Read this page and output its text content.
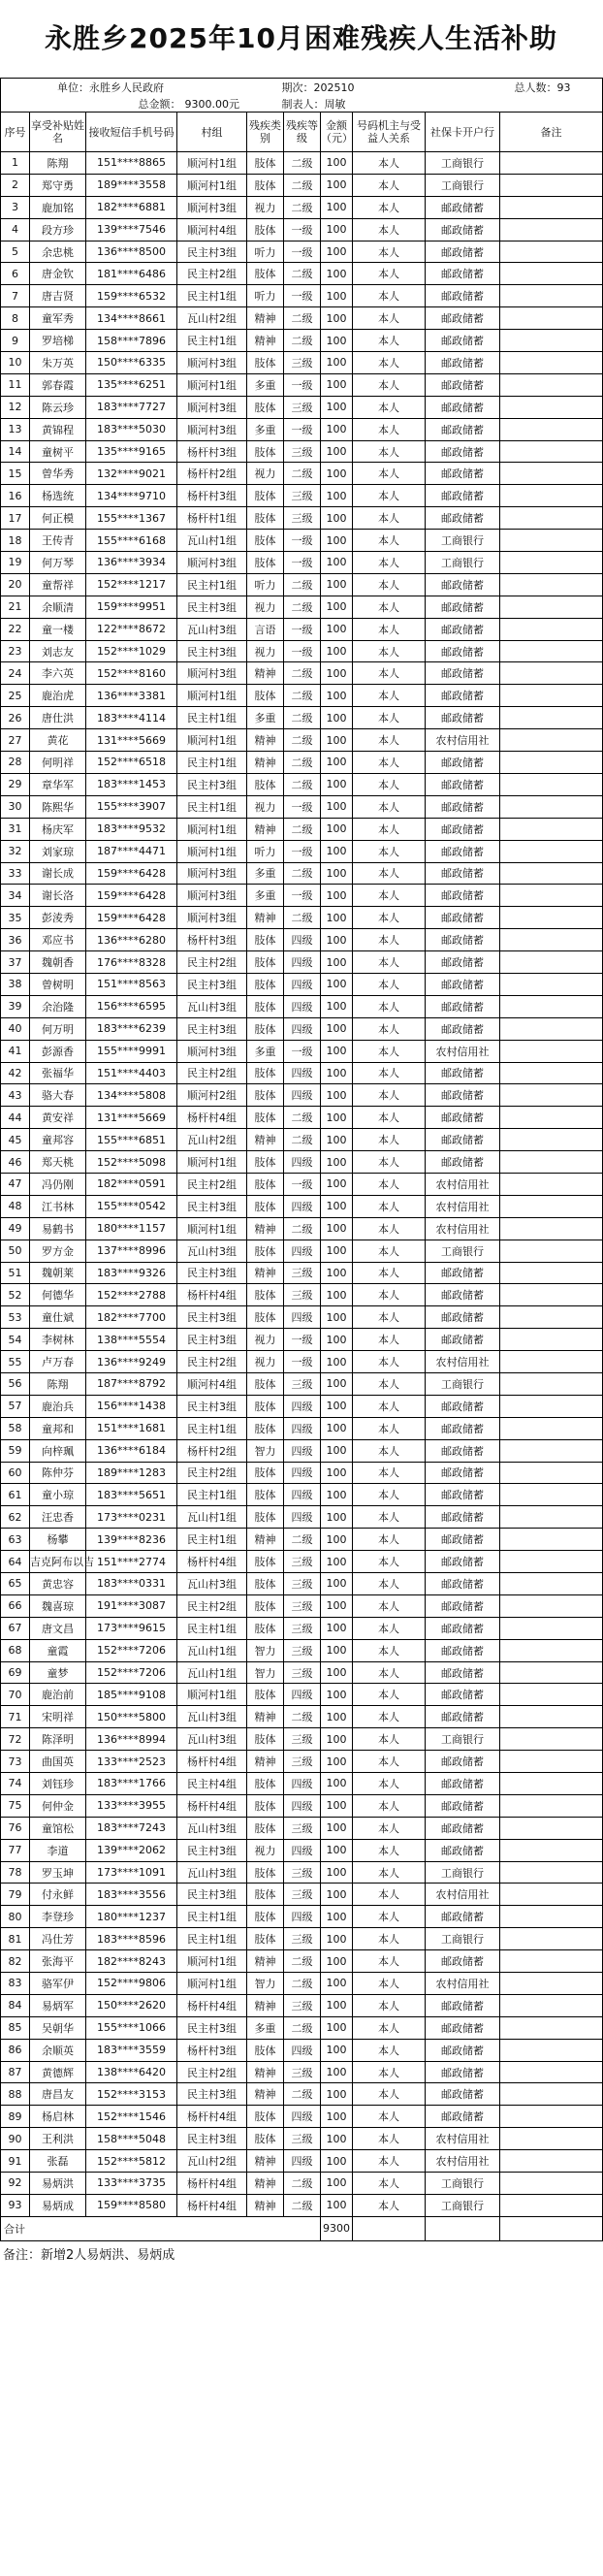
永胜乡2025年10月困难残疾人生活补助
单位：永胜乡人民政府		期次：202510		总人数：93
总金额：	9300.00元	制表人：周敏		
序号	享受补贴姓名	接收短信手机号码	村组	残疾类别	残疾等级	金额（元）	号码机主与受益人关系	社保卡开户行	备注
1	陈翔	151****8865	顺河村1组	肢体	二级	100	本人	工商银行	
2	郑守勇	189****3558	顺河村1组	肢体	二级	100	本人	工商银行	
3	鹿加铭	182****6881	顺河村3组	视力	二级	100	本人	邮政储蓄	
4	段方珍	139****7546	顺河村4组	肢体	一级	100	本人	邮政储蓄	
5	余忠桃	136****8500	民主村3组	听力	一级	100	本人	邮政储蓄	
6	唐金钦	181****6486	民主村2组	肢体	二级	100	本人	邮政储蓄	
7	唐吉贤	159****6532	民主村1组	听力	一级	100	本人	邮政储蓄	
8	童军秀	134****8661	瓦山村2组	精神	二级	100	本人	邮政储蓄	
9	罗培梯	158****7896	民主村1组	精神	二级	100	本人	邮政储蓄	
10	朱万英	150****6335	顺河村3组	肢体	三级	100	本人	邮政储蓄	
11	郭春霞	135****6251	顺河村1组	多重	一级	100	本人	邮政储蓄	
12	陈云珍	183****7727	顺河村3组	肢体	三级	100	本人	邮政储蓄	
13	黄锦程	183****5030	顺河村3组	多重	一级	100	本人	邮政储蓄	
14	童树平	135****9165	杨杆村3组	肢体	三级	100	本人	邮政储蓄	
15	曾华秀	132****9021	杨杆村2组	视力	二级	100	本人	邮政储蓄	
16	杨选统	134****9710	杨杆村3组	肢体	三级	100	本人	邮政储蓄	
17	何正模	155****1367	杨杆村1组	肢体	三级	100	本人	邮政储蓄	
18	王传青	155****6168	瓦山村1组	肢体	一级	100	本人	工商银行	
19	何万琴	136****3934	顺河村3组	肢体	一级	100	本人	工商银行	
20	童帮祥	152****1217	民主村1组	听力	二级	100	本人	邮政储蓄	
21	余顺清	159****9951	民主村3组	视力	二级	100	本人	邮政储蓄	
22	童一楼	122****8672	瓦山村3组	言语	一级	100	本人	邮政储蓄	
23	刘志友	152****1029	民主村3组	视力	一级	100	本人	邮政储蓄	
24	李六英	152****8160	顺河村3组	精神	二级	100	本人	邮政储蓄	
25	鹿治虎	136****3381	顺河村1组	肢体	二级	100	本人	邮政储蓄	
26	唐仕洪	183****4114	民主村1组	多重	二级	100	本人	邮政储蓄	
27	黄花	131****5669	顺河村1组	精神	二级	100	本人	农村信用社	
28	何明祥	152****6518	民主村1组	精神	二级	100	本人	邮政储蓄	
29	章华军	183****1453	民主村3组	肢体	二级	100	本人	邮政储蓄	
30	陈熙华	155****3907	民主村1组	视力	一级	100	本人	邮政储蓄	
31	杨庆军	183****9532	顺河村1组	精神	二级	100	本人	邮政储蓄	
32	刘家琼	187****4471	顺河村1组	听力	一级	100	本人	邮政储蓄	
33	谢长成	159****6428	顺河村3组	多重	二级	100	本人	邮政储蓄	
34	谢长洛	159****6428	顺河村3组	多重	一级	100	本人	邮政储蓄	
35	彭淩秀	159****6428	顺河村3组	精神	二级	100	本人	邮政储蓄	
36	邓应书	136****6280	杨杆村3组	肢体	四级	100	本人	邮政储蓄	
37	魏朝香	176****8328	民主村2组	肢体	四级	100	本人	邮政储蓄	
38	曾树明	151****8563	民主村3组	肢体	四级	100	本人	邮政储蓄	
39	余治隆	156****6595	瓦山村3组	肢体	四级	100	本人	邮政储蓄	
40	何万明	183****6239	民主村3组	肢体	四级	100	本人	邮政储蓄	
41	彭源香	155****9991	顺河村3组	多重	一级	100	本人	农村信用社	
42	张福华	151****4403	民主村2组	肢体	四级	100	本人	邮政储蓄	
43	骆大春	134****5808	顺河村2组	肢体	四级	100	本人	邮政储蓄	
44	黄安祥	131****5669	杨杆村4组	肢体	二级	100	本人	邮政储蓄	
45	童邦容	155****6851	瓦山村2组	精神	二级	100	本人	邮政储蓄	
46	郑天桃	152****5098	顺河村1组	肢体	四级	100	本人	邮政储蓄	
47	冯仍刚	182****0591	民主村2组	肢体	一级	100	本人	农村信用社	
48	江书林	155****0542	民主村3组	肢体	四级	100	本人	农村信用社	
49	易鹤书	180****1157	顺河村1组	精神	二级	100	本人	农村信用社	
50	罗方金	137****8996	瓦山村3组	肢体	四级	100	本人	工商银行	
51	魏朝莱	183****9326	民主村3组	精神	三级	100	本人	邮政储蓄	
52	何德华	152****2788	杨杆村4组	肢体	三级	100	本人	邮政储蓄	
53	童仕斌	182****7700	民主村3组	肢体	四级	100	本人	邮政储蓄	
54	李树林	138****5554	民主村3组	视力	一级	100	本人	邮政储蓄	
55	卢万春	136****9249	民主村2组	视力	一级	100	本人	农村信用社	
56	陈翔	187****8792	顺河村4组	肢体	三级	100	本人	工商银行	
57	鹿治兵	156****1438	民主村3组	肢体	四级	100	本人	邮政储蓄	
58	童邦和	151****1681	民主村1组	肢体	四级	100	本人	邮政储蓄	
59	向梓珮	136****6184	杨杆村2组	智力	四级	100	本人	邮政储蓄	
60	陈仲芬	189****1283	民主村2组	肢体	四级	100	本人	邮政储蓄	
61	童小琼	183****5651	民主村1组	肢体	四级	100	本人	邮政储蓄	
62	汪忠香	173****0231	瓦山村1组	肢体	四级	100	本人	邮政储蓄	
63	杨攀	139****8236	民主村1组	精神	二级	100	本人	邮政储蓄	
64	吉克阿布以吉	151****2774	杨杆村4组	肢体	三级	100	本人	邮政储蓄	
65	黄忠容	183****0331	瓦山村3组	肢体	三级	100	本人	邮政储蓄	
66	魏喜琼	191****3087	民主村2组	肢体	三级	100	本人	邮政储蓄	
67	唐文昌	173****9615	民主村1组	肢体	三级	100	本人	邮政储蓄	
68	童霞	152****7206	瓦山村1组	智力	三级	100	本人	邮政储蓄	
69	童梦	152****7206	瓦山村1组	智力	三级	100	本人	邮政储蓄	
70	鹿治前	185****9108	顺河村1组	肢体	四级	100	本人	邮政储蓄	
71	宋明祥	150****5800	瓦山村3组	精神	二级	100	本人	邮政储蓄	
72	陈泽明	136****8994	瓦山村3组	肢体	三级	100	本人	工商银行	
73	曲国英	133****2523	杨杆村4组	精神	三级	100	本人	邮政储蓄	
74	刘钰珍	183****1766	民主村4组	肢体	四级	100	本人	邮政储蓄	
75	何仲金	133****3955	杨杆村4组	肢体	四级	100	本人	邮政储蓄	
76	童馆松	183****7243	瓦山村3组	肢体	三级	100	本人	邮政储蓄	
77	李道	139****2062	民主村3组	视力	四级	100	本人	邮政储蓄	
78	罗玉坤	173****1091	瓦山村3组	肢体	三级	100	本人	工商银行	
79	付永鲜	183****3556	民主村3组	肢体	三级	100	本人	农村信用社	
80	李登珍	180****1237	民主村1组	肢体	四级	100	本人	邮政储蓄	
81	冯仕芳	183****8596	民主村1组	肢体	三级	100	本人	工商银行	
82	张海平	182****8243	顺河村1组	精神	二级	100	本人	邮政储蓄	
83	骆军伊	152****9806	顺河村1组	智力	二级	100	本人	农村信用社	
84	易炳军	150****2620	杨杆村4组	精神	三级	100	本人	邮政储蓄	
85	吴朝华	155****1066	民主村3组	多重	二级	100	本人	邮政储蓄	
86	余顺英	183****3559	杨杆村3组	肢体	四级	100	本人	邮政储蓄	
87	黄德辉	138****6420	民主村2组	精神	三级	100	本人	邮政储蓄	
88	唐昌友	152****3153	民主村3组	精神	二级	100	本人	邮政储蓄	
89	杨启林	152****1546	杨杆村4组	肢体	四级	100	本人	邮政储蓄	
90	王利洪	158****5048	民主村3组	肢体	三级	100	本人	农村信用社	
91	张磊	152****5812	瓦山村2组	精神	四级	100	本人	农村信用社	
92	易炳洪	133****3735	杨杆村4组	精神	二级	100	本人	工商银行	
93	易炳成	159****8580	杨杆村4组	精神	二级	100	本人	工商银行	
合计						9300			
备注：新增2人易炳洪、易炳成
